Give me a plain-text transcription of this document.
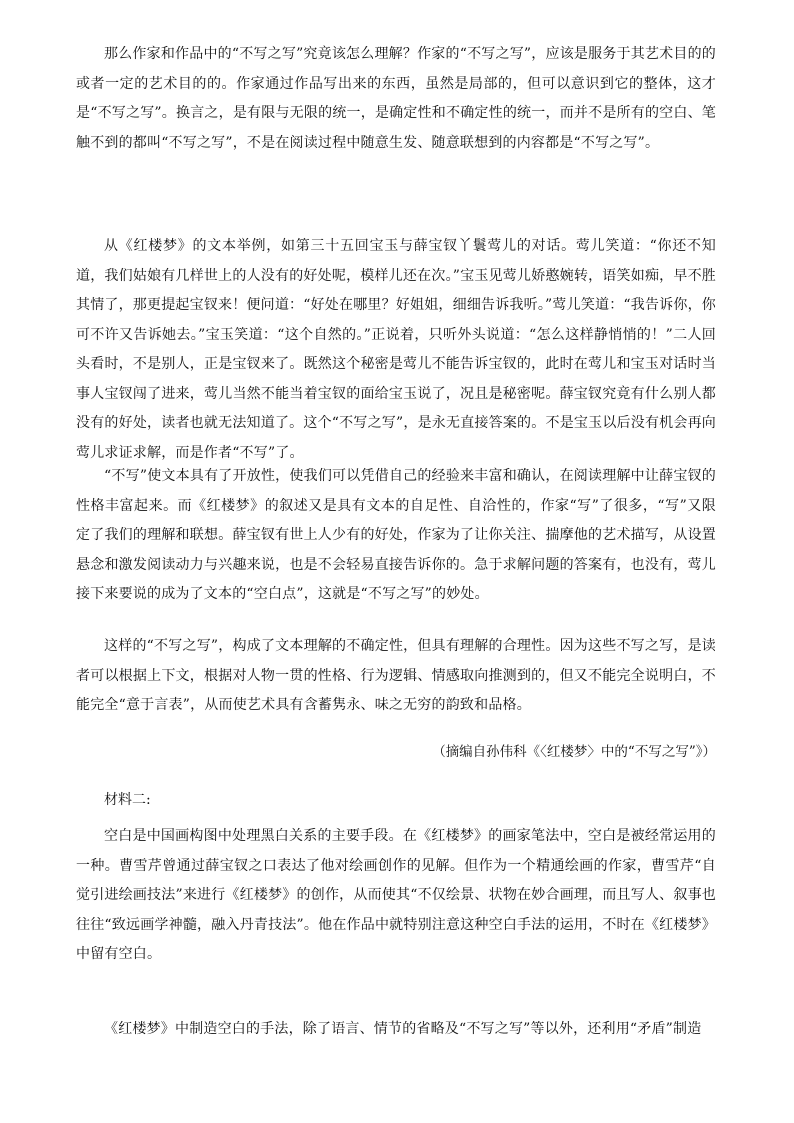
那么作家和作品中的“不写之写”究竟该怎么理解？作家的“不写之写”，应该是服务于其艺术目的的或者一定的艺术目的的。作家通过作品写出来的东西，虽然是局部的，但可以意识到它的整体，这才是“不写之写”。换言之，是有限与无限的统一，是确定性和不确定性的统一，而并不是所有的空白、笔触不到的都叫“不写之写”，不是在阅读过程中随意生发、随意联想到的内容都是“不写之写”。

从《红楼梦》的文本举例，如第三十五回宝玉与薛宝钗丫鬟莺儿的对话。莺儿笑道：“你还不知道，我们姑娘有几样世上的人没有的好处呢，模样儿还在次。”宝玉见莺儿娇憨婉转，语笑如痴，早不胜其情了，那更提起宝钗来！便问道：“好处在哪里？好姐姐，细细告诉我听。”莺儿笑道：“我告诉你，你可不许又告诉她去。”宝玉笑道：“这个自然的。”正说着，只听外头说道：“怎么这样静悄悄的！”二人回头看时，不是别人，正是宝钗来了。既然这个秘密是莺儿不能告诉宝钗的，此时在莺儿和宝玉对话时当事人宝钗闯了进来，莺儿当然不能当着宝钗的面给宝玉说了，况且是秘密呢。薛宝钗究竟有什么别人都没有的好处，读者也就无法知道了。这个“不写之写”，是永无直接答案的。不是宝玉以后没有机会再向莺儿求证求解，而是作者“不写”了。

“不写”使文本具有了开放性，使我们可以凭借自己的经验来丰富和确认，在阅读理解中让薛宝钗的性格丰富起来。而《红楼梦》的叙述又是具有文本的自足性、自洽性的，作家“写”了很多，“写”又限定了我们的理解和联想。薛宝钗有世上人少有的好处，作家为了让你关注、揣摩他的艺术描写，从设置悬念和激发阅读动力与兴趣来说，也是不会轻易直接告诉你的。急于求解问题的答案有，也没有，莺儿接下来要说的成为了文本的“空白点”，这就是“不写之写”的妙处。

这样的“不写之写”，构成了文本理解的不确定性，但具有理解的合理性。因为这些不写之写，是读者可以根据上下文，根据对人物一贯的性格、行为逻辑、情感取向推测到的，但又不能完全说明白，不能完全“意于言表”，从而使艺术具有含蓄隽永、味之无穷的韵致和品格。

（摘编自孙伟科《〈红楼梦〉中的“不写之写”》）

材料二:

空白是中国画构图中处理黑白关系的主要手段。在《红楼梦》的画家笔法中，空白是被经常运用的一种。曹雪芹曾通过薛宝钗之口表达了他对绘画创作的见解。但作为一个精通绘画的作家，曹雪芹“自觉引进绘画技法”来进行《红楼梦》的创作，从而使其“不仅绘景、状物在妙合画理，而且写人、叙事也往往“致远画学神髓，融入丹青技法”。他在作品中就特别注意这种空白手法的运用，不时在《红楼梦》中留有空白。

《红楼梦》中制造空白的手法，除了语言、情节的省略及“不写之写”等以外，还利用“矛盾”制造
